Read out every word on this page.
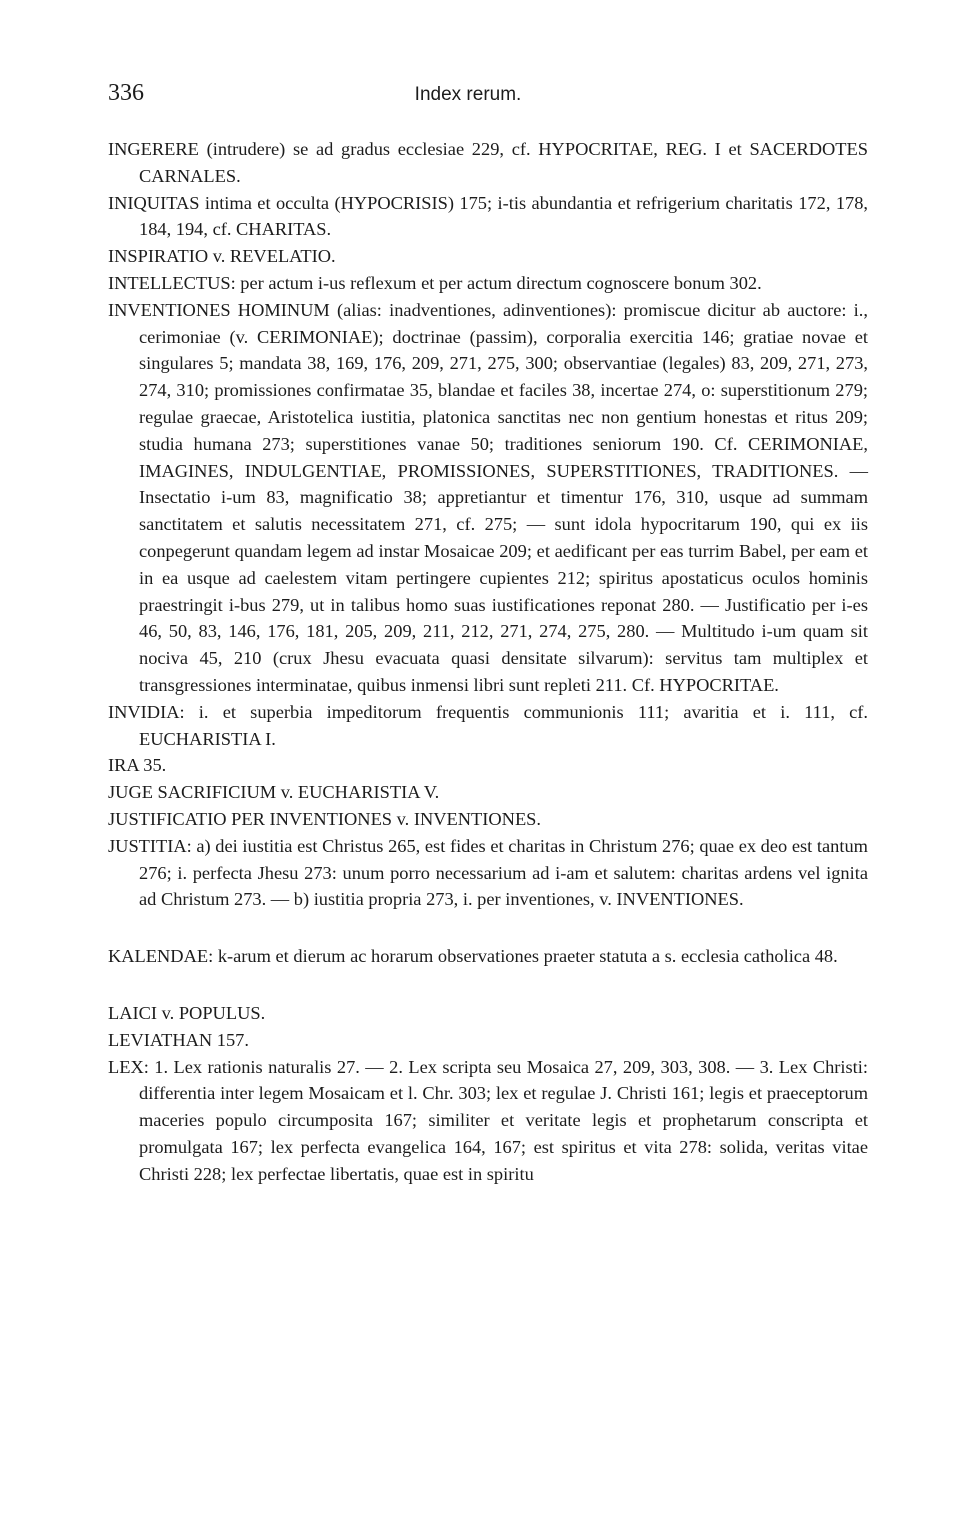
336	Index rerum.

INGERERE (intrudere) se ad gradus ecclesiae 229, cf. HYPOCRITAE, REG. I et SACERDOTES CARNALES.

INIQUITAS intima et occulta (HYPOCRISIS) 175; i-tis abundantia et refrigerium charitatis 172, 178, 184, 194, cf. CHARITAS.

INSPIRATIO v. REVELATIO.

INTELLECTUS: per actum i-us reflexum et per actum directum cognoscere bonum 302.

INVENTIONES HOMINUM (alias: inadventiones, adinventiones): promiscue dicitur ab auctore: i., cerimoniae (v. CERIMONIAE); doctrinae (passim), corporalia exercitia 146; gratiae novae et singulares 5; mandata 38, 169, 176, 209, 271, 275, 300; observantiae (legales) 83, 209, 271, 273, 274, 310; promissiones confirmatae 35, blandae et faciles 38, incertae 274, o: superstitionum 279; regulae graecae, Aristotelica iustitia, platonica sanctitas nec non gentium honestas et ritus 209; studia humana 273; superstitiones vanae 50; traditiones seniorum 190. Cf. CERIMONIAE, IMAGINES, INDULGENTIAE, PROMISSIONES, SUPERSTITIONES, TRADITIONES. — Insectatio i-um 83, magnificatio 38; appretiantur et timentur 176, 310, usque ad summam sanctitatem et salutis necessitatem 271, cf. 275; — sunt idola hypocritarum 190, qui ex iis conpegerunt quandam legem ad instar Mosaicae 209; et aedificant per eas turrim Babel, per eam et in ea usque ad caelestem vitam pertingere cupientes 212; spiritus apostaticus oculos hominis praestringit i-bus 279, ut in talibus homo suas iustificationes reponat 280. — Justificatio per i-es 46, 50, 83, 146, 176, 181, 205, 209, 211, 212, 271, 274, 275, 280. — Multitudo i-um quam sit nociva 45, 210 (crux Jhesu evacuata quasi densitate silvarum): servitus tam multiplex et transgressiones interminatae, quibus inmensi libri sunt repleti 211. Cf. HYPOCRITAE.

INVIDIA: i. et superbia impeditorum frequentis communionis 111; avaritia et i. 111, cf. EUCHARISTIA I.

IRA 35.

JUGE SACRIFICIUM v. EUCHARISTIA V.

JUSTIFICATIO PER INVENTIONES v. INVENTIONES.

JUSTITIA: a) dei iustitia est Christus 265, est fides et charitas in Christum 276; quae ex deo est tantum 276; i. perfecta Jhesu 273: unum porro necessarium ad i-am et salutem: charitas ardens vel ignita ad Christum 273. — b) iustitia propria 273, i. per inventiones, v. INVENTIONES.

KALENDAE: k-arum et dierum ac horarum observationes praeter statuta a s. ecclesia catholica 48.

LAICI v. POPULUS.

LEVIATHAN 157.

LEX: 1. Lex rationis naturalis 27. — 2. Lex scripta seu Mosaica 27, 209, 303, 308. — 3. Lex Christi: differentia inter legem Mosaicam et l. Chr. 303; lex et regulae J. Christi 161; legis et praeceptorum maceries populo circumposita 167; similiter et veritate legis et prophetarum conscripta et promulgata 167; lex perfecta evangelica 164, 167; est spiritus et vita 278: solida, veritas vitae Christi 228; lex perfectae libertatis, quae est in spiritu
